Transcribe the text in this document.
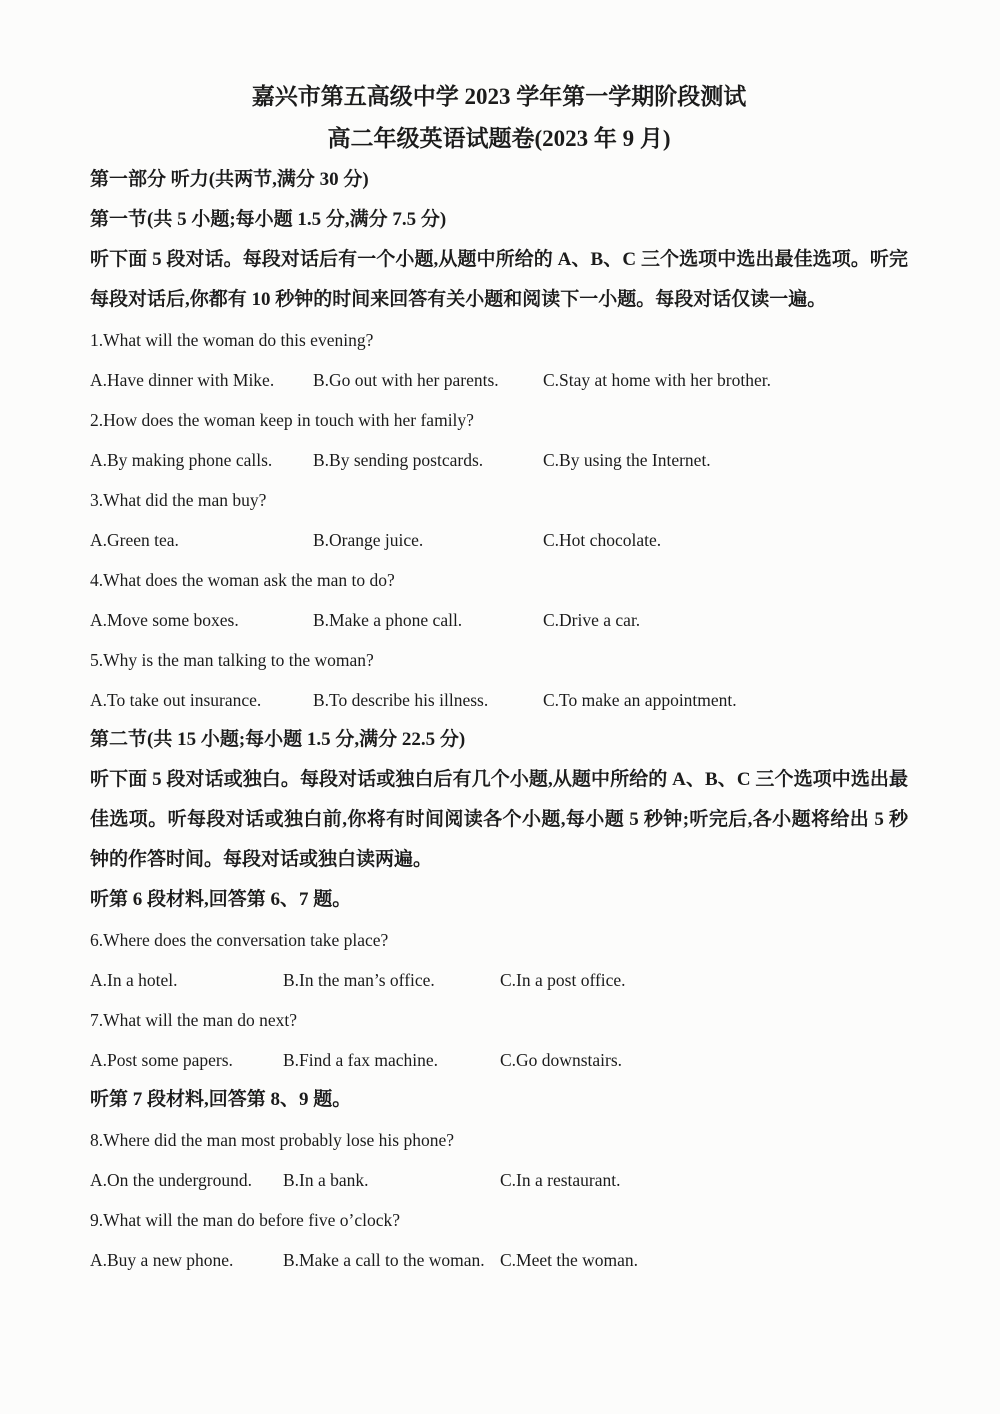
嘉兴市第五高级中学 2023 学年第一学期阶段测试
高二年级英语试题卷(2023 年 9 月)
第一部分 听力(共两节,满分 30 分)
第一节(共 5 小题;每小题 1.5 分,满分 7.5 分)
听下面 5 段对话。每段对话后有一个小题,从题中所给的 A、B、C 三个选项中选出最佳选项。听完每段对话后,你都有 10 秒钟的时间来回答有关小题和阅读下一小题。每段对话仅读一遍。
1.What will the woman do this evening?
A.Have dinner with Mike.	B.Go out with her parents.	C.Stay at home with her brother.
2.How does the woman keep in touch with her family?
A.By making phone calls.	B.By sending postcards.	C.By using the Internet.
3.What did the man buy?
A.Green tea.	B.Orange juice.	C.Hot chocolate.
4.What does the woman ask the man to do?
A.Move some boxes.	B.Make a phone call.	C.Drive a car.
5.Why is the man talking to the woman?
A.To take out insurance.	B.To describe his illness.	C.To make an appointment.
第二节(共 15 小题;每小题 1.5 分,满分 22.5 分)
听下面 5 段对话或独白。每段对话或独白后有几个小题,从题中所给的 A、B、C 三个选项中选出最佳选项。听每段对话或独白前,你将有时间阅读各个小题,每小题 5 秒钟;听完后,各小题将给出 5 秒钟的作答时间。每段对话或独白读两遍。
听第 6 段材料,回答第 6、7 题。
6.Where does the conversation take place?
A.In a hotel.	B.In the man’s office.	C.In a post office.
7.What will the man do next?
A.Post some papers.	B.Find a fax machine.	C.Go downstairs.
听第 7 段材料,回答第 8、9 题。
8.Where did the man most probably lose his phone?
A.On the underground.	B.In a bank.	C.In a restaurant.
9.What will the man do before five o’clock?
A.Buy a new phone.	B.Make a call to the woman. C.Meet the woman.
